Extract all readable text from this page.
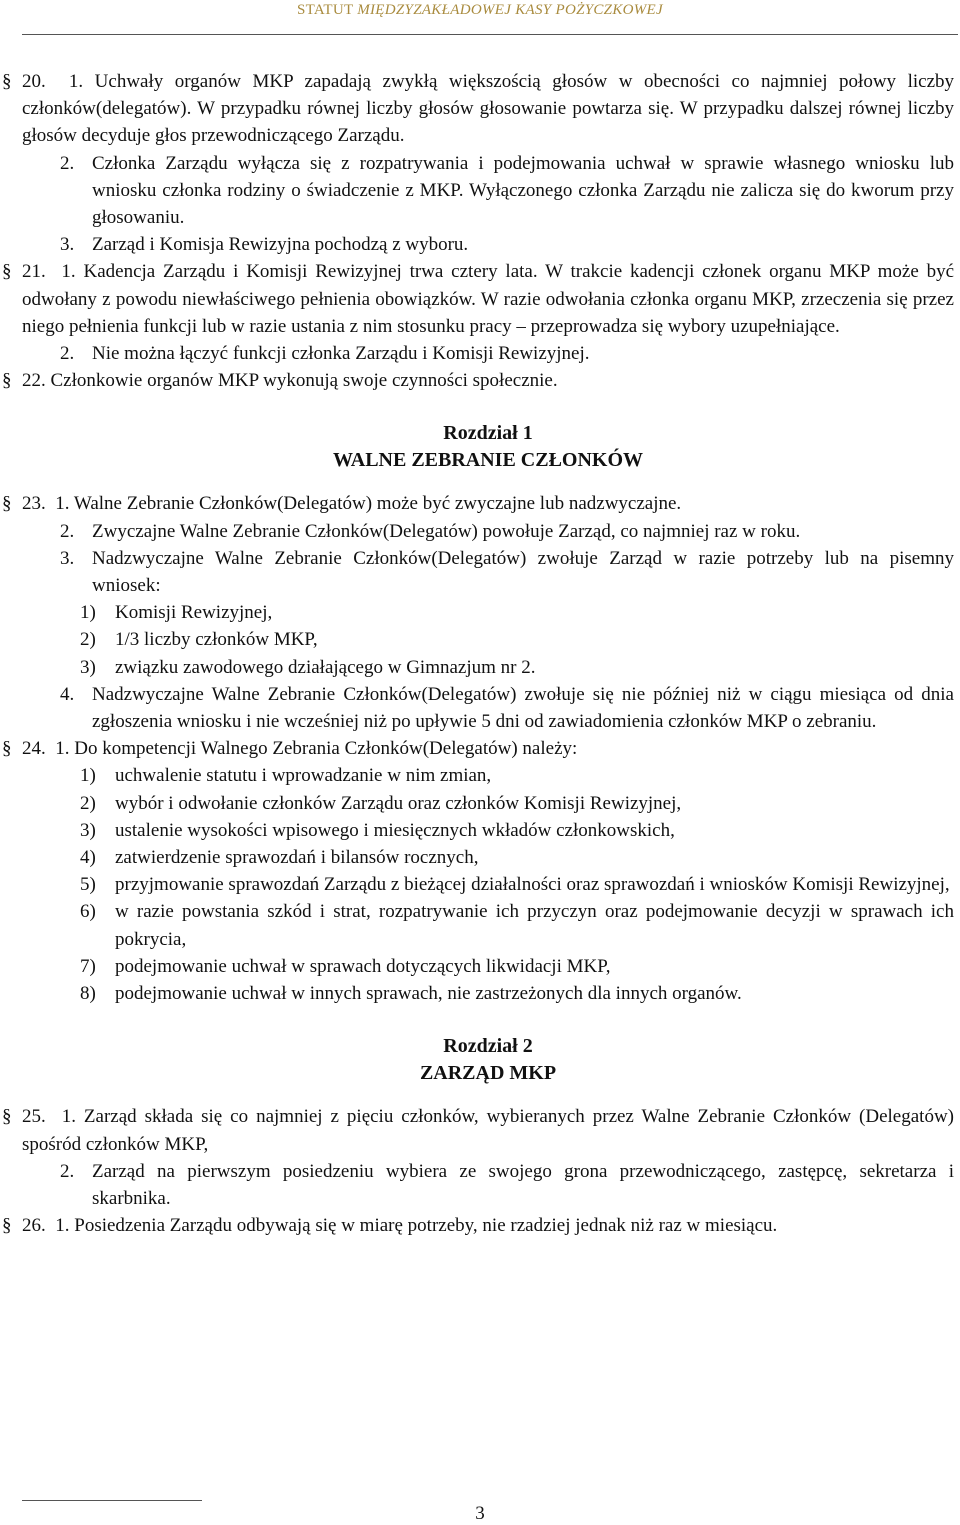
STATUT MIĘDZYZAKŁADOWEJ KASY POŻYCZKOWEJ

§ 20. 1. Uchwały organów MKP zapadają zwykłą większością głosów w obecności co najmniej połowy liczby członków(delegatów). W przypadku równej liczby głosów głosowanie powtarza się. W przypadku dalszej równej liczby głosów decyduje głos przewodniczącego Zarządu.

2. Członka Zarządu wyłącza się z rozpatrywania i podejmowania uchwał w sprawie własnego wniosku lub wniosku członka rodziny o świadczenie z MKP. Wyłączonego członka Zarządu nie zalicza się do kworum przy głosowaniu.

3. Zarząd i Komisja Rewizyjna pochodzą z wyboru.

§ 21. 1. Kadencja Zarządu i Komisji Rewizyjnej trwa cztery lata. W trakcie kadencji członek organu MKP może być odwołany z powodu niewłaściwego pełnienia obowiązków. W razie odwołania członka organu MKP, zrzeczenia się przez niego pełnienia funkcji lub w razie ustania z nim stosunku pracy – przeprowadza się wybory uzupełniające.

2. Nie można łączyć funkcji członka Zarządu i Komisji Rewizyjnej.

§ 22. Członkowie organów MKP wykonują swoje czynności społecznie.

Rozdział 1

WALNE ZEBRANIE CZŁONKÓW

§ 23. 1. Walne Zebranie Członków(Delegatów) może być zwyczajne lub nadzwyczajne.

2. Zwyczajne Walne Zebranie Członków(Delegatów) powołuje Zarząd, co najmniej raz w roku.

3. Nadzwyczajne Walne Zebranie Członków(Delegatów) zwołuje Zarząd w razie potrzeby lub na pisemny wniosek:

1) Komisji Rewizyjnej,

2) 1/3 liczby członków MKP,

3) związku zawodowego działającego w Gimnazjum nr 2.

4. Nadzwyczajne Walne Zebranie Członków(Delegatów) zwołuje się nie później niż w ciągu miesiąca od dnia zgłoszenia wniosku i nie wcześniej niż po upływie 5 dni od zawiadomienia członków MKP o zebraniu.

§ 24. 1. Do kompetencji Walnego Zebrania Członków(Delegatów) należy:

1) uchwalenie statutu i wprowadzanie w nim zmian,

2) wybór i odwołanie członków Zarządu oraz członków Komisji Rewizyjnej,

3) ustalenie wysokości wpisowego i miesięcznych wkładów członkowskich,

4) zatwierdzenie sprawozdań i bilansów rocznych,

5) przyjmowanie sprawozdań Zarządu z bieżącej działalności oraz sprawozdań i wniosków Komisji Rewizyjnej,

6) w razie powstania szkód i strat, rozpatrywanie ich przyczyn oraz podejmowanie decyzji w sprawach ich pokrycia,

7) podejmowanie uchwał w sprawach dotyczących likwidacji MKP,

8) podejmowanie uchwał w innych sprawach, nie zastrzeżonych dla innych organów.

Rozdział 2

ZARZĄD MKP

§ 25. 1. Zarząd składa się co najmniej z pięciu członków, wybieranych przez Walne Zebranie Członków (Delegatów) spośród członków MKP,

2. Zarząd na pierwszym posiedzeniu wybiera ze swojego grona przewodniczącego, zastępcę, sekretarza i skarbnika.

§ 26. 1. Posiedzenia Zarządu odbywają się w miarę potrzeby, nie rzadziej jednak niż raz w miesiącu.

3
